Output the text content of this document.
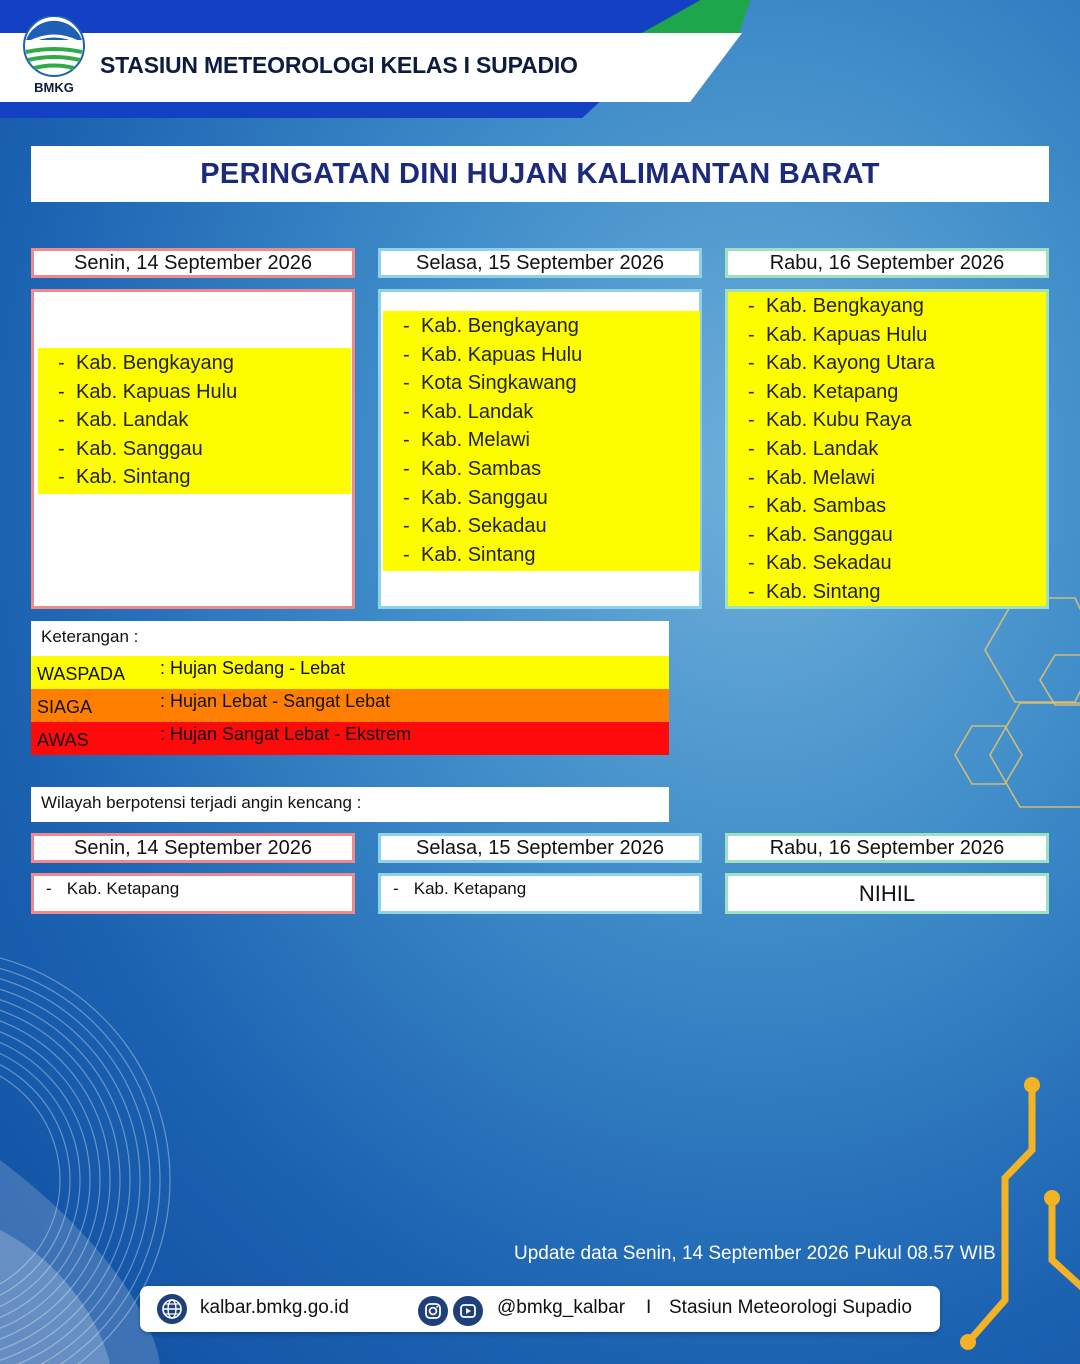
BMKG
STASIUN METEOROLOGI KELAS I SUPADIO
PERINGATAN DINI HUJAN KALIMANTAN BARAT
Senin, 14 September 2026	Selasa, 15 September 2026	Rabu, 16 September 2026
- Kab. Bengkayang
- Kab. Kapuas Hulu
- Kab. Landak
- Kab. Sanggau
- Kab. Sintang
- Kab. Bengkayang
- Kab. Kapuas Hulu
- Kota Singkawang
- Kab. Landak
- Kab. Melawi
- Kab. Sambas
- Kab. Sanggau
- Kab. Sekadau
- Kab. Sintang
- Kab. Bengkayang
- Kab. Kapuas Hulu
- Kab. Kayong Utara
- Kab. Ketapang
- Kab. Kubu Raya
- Kab. Landak
- Kab. Melawi
- Kab. Sambas
- Kab. Sanggau
- Kab. Sekadau
- Kab. Sintang
Keterangan :
WASPADA : Hujan Sedang - Lebat
SIAGA	: Hujan Lebat - Sangat Lebat
AWAS	: Hujan Sangat Lebat - Ekstrem
Wilayah berpotensi terjadi angin kencang :
Senin, 14 September 2026	Selasa, 15 September 2026	Rabu, 16 September 2026
- Kab. Ketapang
-	Kab. Ketapang	NIHIL
Update data Senin, 14 September 2026 Pukul 08.57 WIB
kalbar.bmkg.go.id	@bmkg_kalbar I Stasiun Meteorologi Supadio
